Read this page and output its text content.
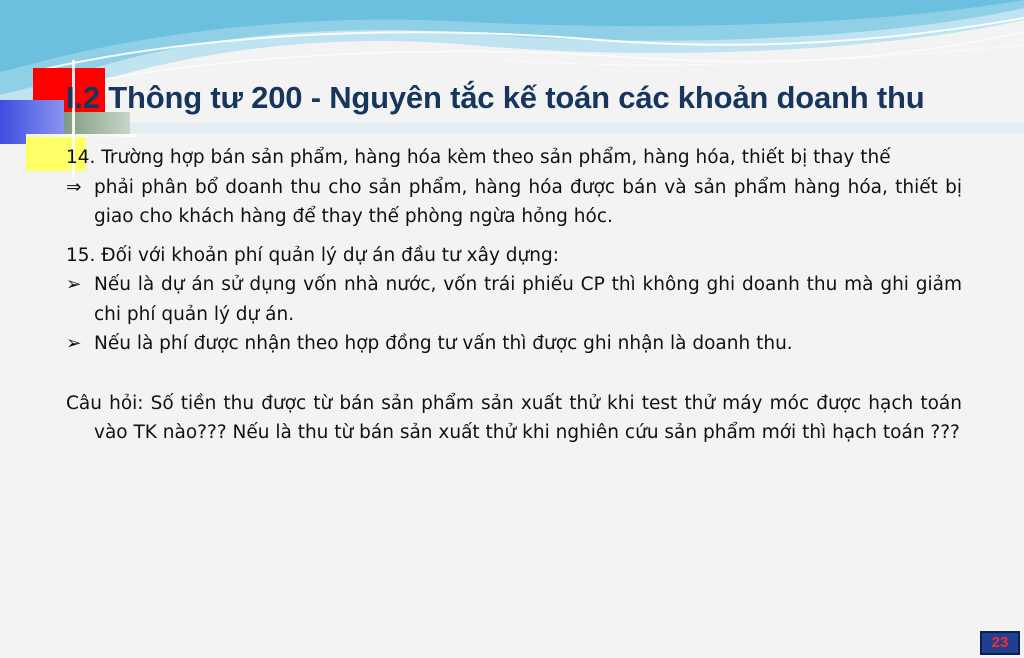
I.2 Thông tư 200 - Nguyên tắc kế toán các khoản doanh thu

14. Trường hợp bán sản phẩm, hàng hóa kèm theo sản phẩm, hàng hóa, thiết bị thay thế

⇒ phải phân bổ doanh thu cho sản phẩm, hàng hóa được bán và sản phẩm hàng hóa, thiết bị giao cho khách hàng để thay thế phòng ngừa hỏng hóc.

15. Đối với khoản phí quản lý dự án đầu tư xây dựng:

➢ Nếu là dự án sử dụng vốn nhà nước, vốn trái phiếu CP thì không ghi doanh thu mà ghi giảm chi phí quản lý dự án.
➢ Nếu là phí được nhận theo hợp đồng tư vấn thì được ghi nhận là doanh thu.

Câu hỏi: Số tiền thu được từ bán sản phẩm sản xuất thử khi test thử máy móc được hạch toán vào TK nào??? Nếu là thu từ bán sản xuất thử khi nghiên cứu sản phẩm mới thì hạch toán ???

23
